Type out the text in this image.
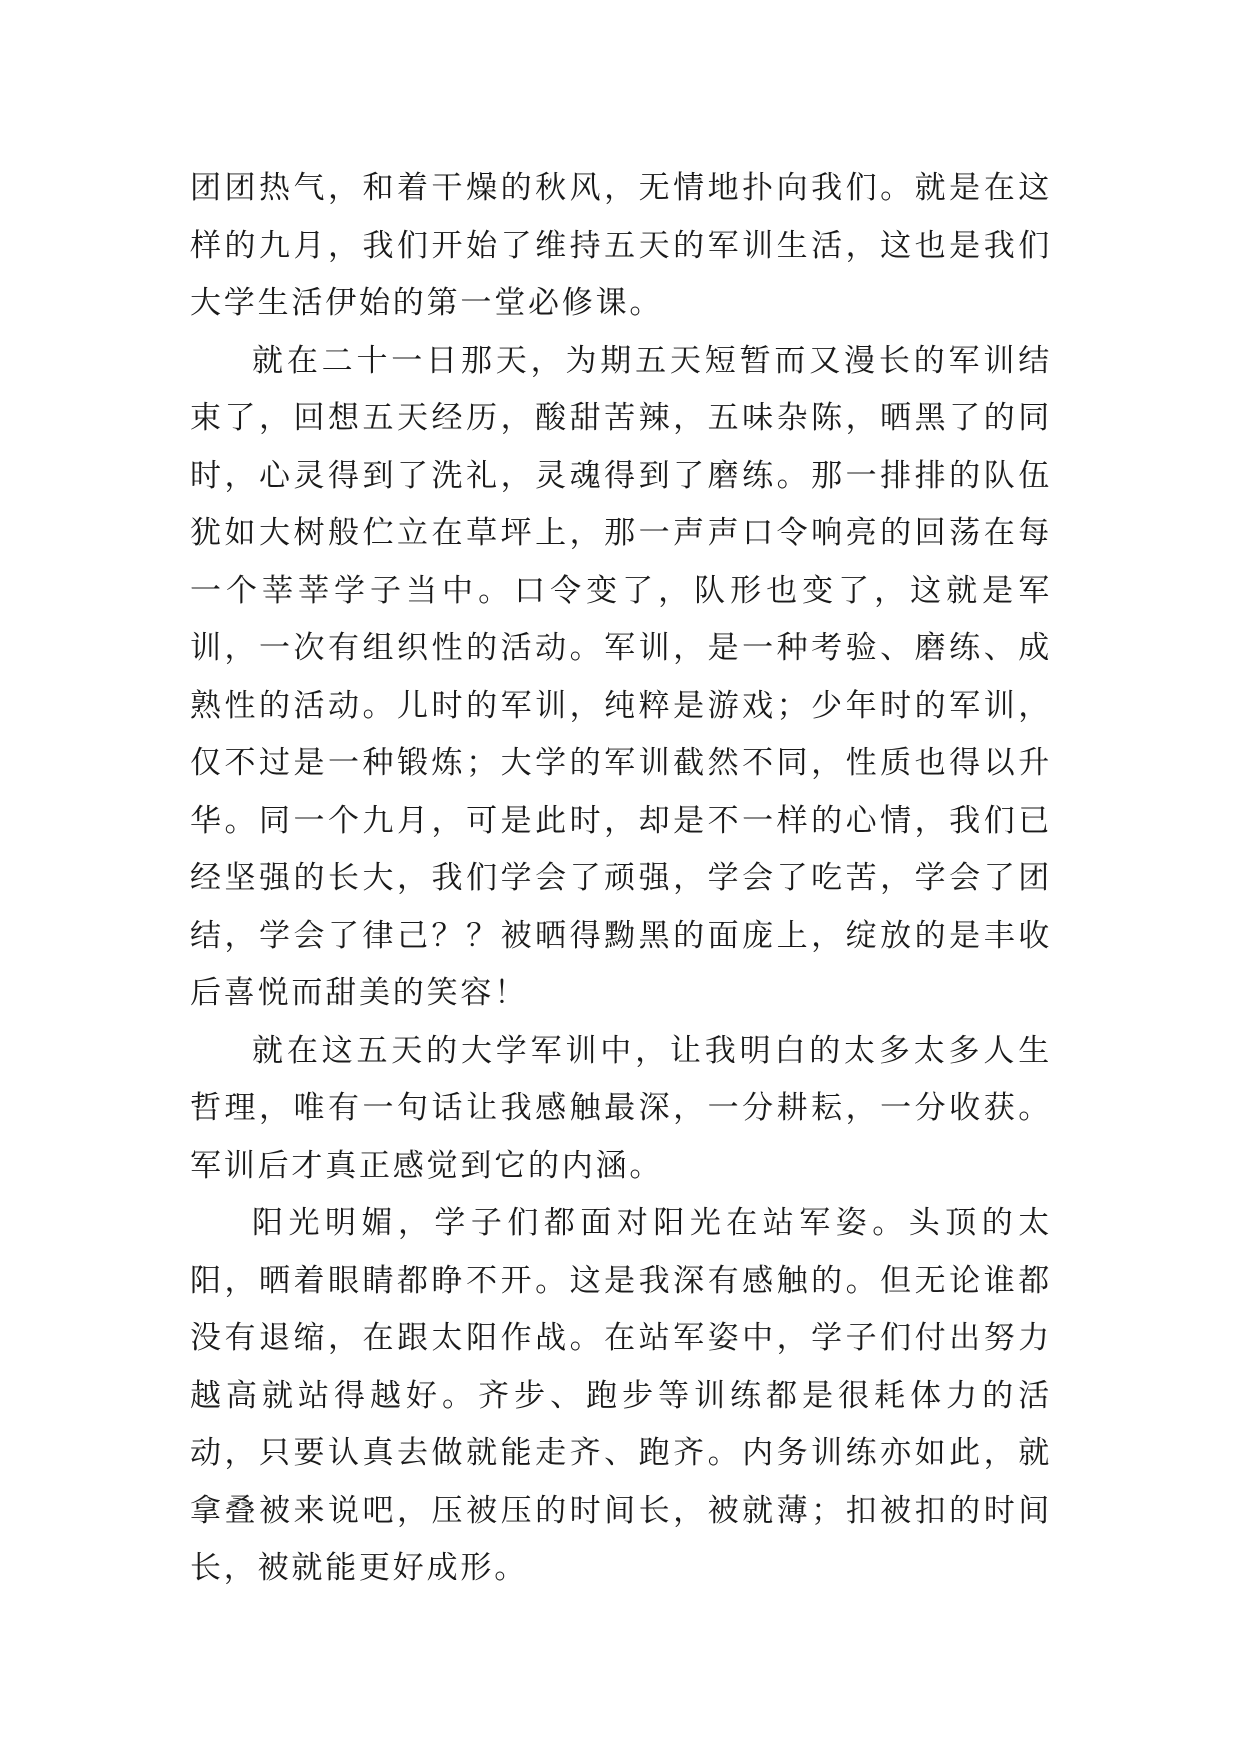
团团热气，和着干燥的秋风，无情地扑向我们。就是在这样的九月，我们开始了维持五天的军训生活，这也是我们大学生活伊始的第一堂必修课。

就在二十一日那天，为期五天短暂而又漫长的军训结束了，回想五天经历，酸甜苦辣，五味杂陈，晒黑了的同时，心灵得到了洗礼，灵魂得到了磨练。那一排排的队伍犹如大树般伫立在草坪上，那一声声口令响亮的回荡在每一个莘莘学子当中。口令变了，队形也变了，这就是军训，一次有组织性的活动。军训，是一种考验、磨练、成熟性的活动。儿时的军训，纯粹是游戏；少年时的军训，仅不过是一种锻炼；大学的军训截然不同，性质也得以升华。同一个九月，可是此时，却是不一样的心情，我们已经坚强的长大，我们学会了顽强，学会了吃苦，学会了团结，学会了律己？？被晒得黝黑的面庞上，绽放的是丰收后喜悦而甜美的笑容！

就在这五天的大学军训中，让我明白的太多太多人生哲理，唯有一句话让我感触最深，一分耕耘，一分收获。军训后才真正感觉到它的内涵。

阳光明媚，学子们都面对阳光在站军姿。头顶的太阳，晒着眼睛都睁不开。这是我深有感触的。但无论谁都没有退缩，在跟太阳作战。在站军姿中，学子们付出努力越高就站得越好。齐步、跑步等训练都是很耗体力的活动，只要认真去做就能走齐、跑齐。内务训练亦如此，就拿叠被来说吧，压被压的时间长，被就薄；扣被扣的时间长，被就能更好成形。
